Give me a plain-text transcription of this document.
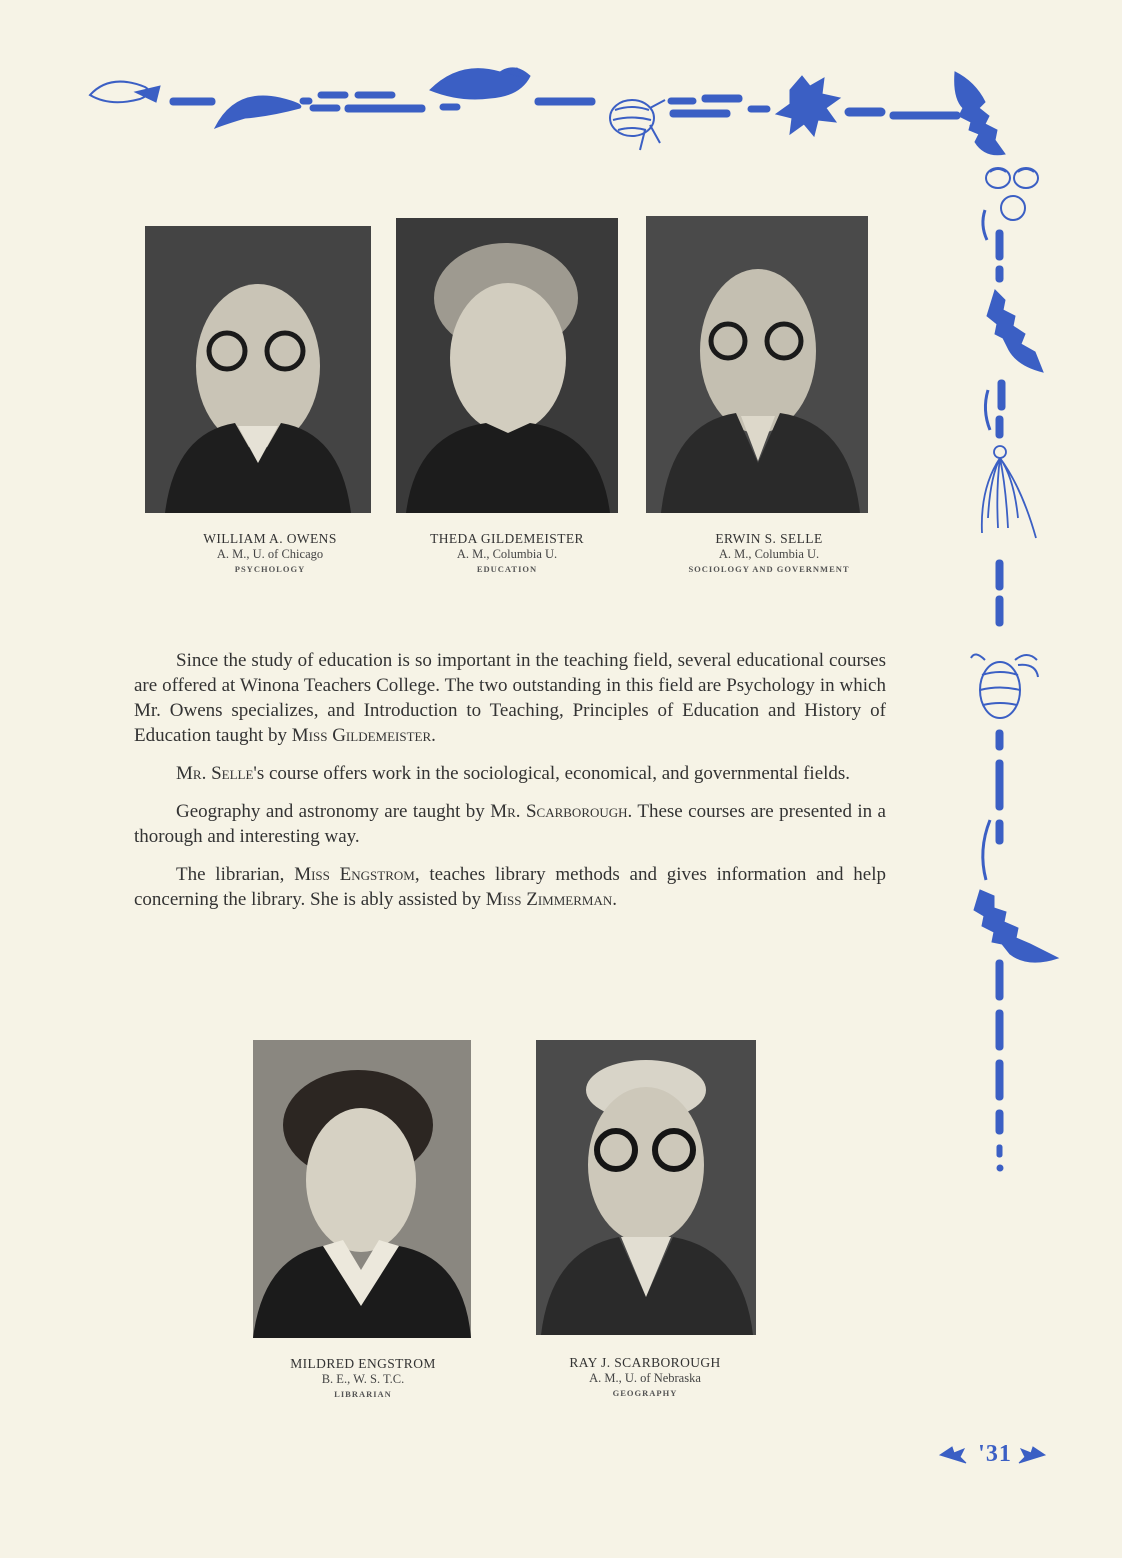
WILLIAM A. OWENS
A. M., U. of Chicago
PSYCHOLOGY
THEDA GILDEMEISTER
A. M., Columbia U.
EDUCATION
ERWIN S. SELLE
A. M., Columbia U.
SOCIOLOGY AND GOVERNMENT

Since the study of education is so important in the teaching field, several educational courses are offered at Winona Teachers College. The two outstanding in this field are Psychology in which Mr. Owens specializes, and Introduction to Teaching, Principles of Education and History of Education taught by Miss Gildemeister.

Mr. Selle's course offers work in the sociological, economical, and governmental fields.

Geography and astronomy are taught by Mr. Scarborough. These courses are presented in a thorough and interesting way.

The librarian, Miss Engstrom, teaches library methods and gives information and help concerning the library. She is ably assisted by Miss Zimmerman.

MILDRED ENGSTROM
B. E., W. S. T.C.
LIBRARIAN
RAY J. SCARBOROUGH
A. M., U. of Nebraska
GEOGRAPHY
'31
